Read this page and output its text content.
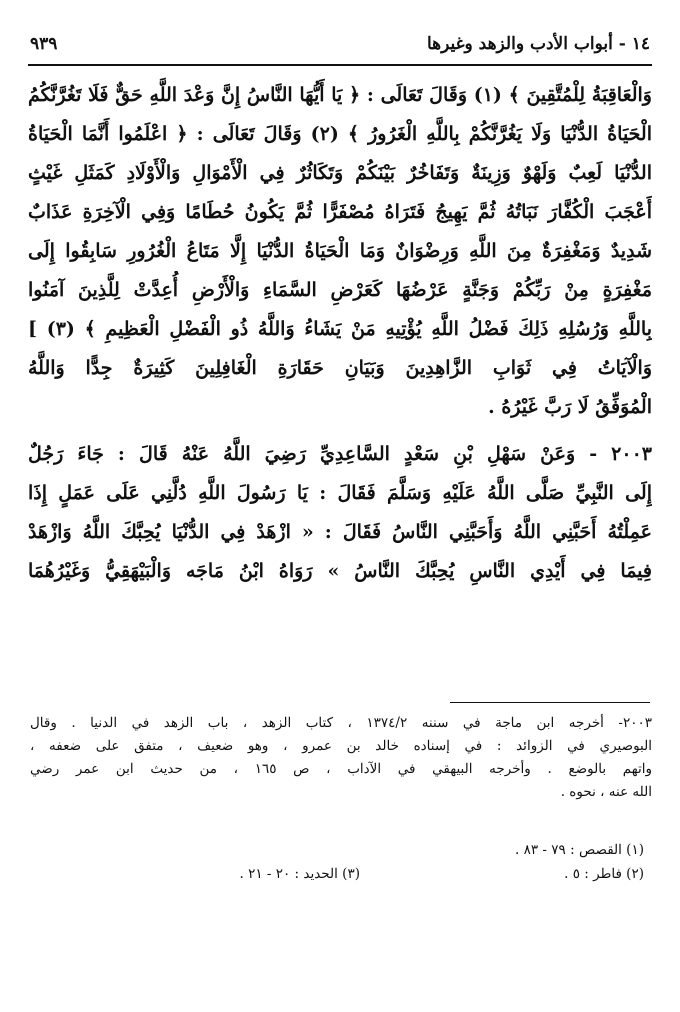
١٤ - أبواب الأدب والزهد وغيرها
٩٣٩
وَالْعَاقِبَةُ لِلْمُتَّقِينَ ﴾ (١) وَقَالَ تَعَالَى : ﴿ يَا أَيُّهَا النَّاسُ إِنَّ وَعْدَ اللَّهِ حَقٌّ فَلَا تَغُرَّنَّكُمُ
الْحَيَاةُ الدُّنْيَا وَلَا يَغُرَّنَّكُمْ بِاللَّهِ الْغَرُورُ ﴾ (٢) وَقَالَ تَعَالَى : ﴿ اعْلَمُوا أَنَّمَا الْحَيَاةُ
الدُّنْيَا لَعِبٌ وَلَهْوٌ وَزِينَةٌ وَتَفَاخُرٌ بَيْنَكُمْ وَتَكَاثُرٌ فِي الْأَمْوَالِ وَالْأَوْلَادِ كَمَثَلِ غَيْثٍ
أَعْجَبَ الْكُفَّارَ نَبَاتُهُ ثُمَّ يَهِيجُ فَتَرَاهُ مُصْفَرًّا ثُمَّ يَكُونُ حُطَامًا وَفِي الْآخِرَةِ عَذَابٌ
شَدِيدٌ وَمَغْفِرَةٌ مِنَ اللَّهِ وَرِضْوَانٌ وَمَا الْحَيَاةُ الدُّنْيَا إِلَّا مَتَاعُ الْغُرُورِ سَابِقُوا إِلَى
مَغْفِرَةٍ مِنْ رَبِّكُمْ وَجَنَّةٍ عَرْضُهَا كَعَرْضِ السَّمَاءِ وَالْأَرْضِ أُعِدَّتْ لِلَّذِينَ آمَنُوا
بِاللَّهِ وَرُسُلِهِ ذَلِكَ فَضْلُ اللَّهِ يُؤْتِيهِ مَنْ يَشَاءُ وَاللَّهُ ذُو الْفَضْلِ الْعَظِيمِ ﴾ (٣) ]
وَالْآيَاتُ فِي ثَوَابِ الزَّاهِدِينَ وَبَيَانِ حَقَارَةِ الْغَافِلِينَ كَثِيرَةٌ جِدًّا وَاللَّهُ
الْمُوَفِّقُ لَا رَبَّ غَيْرُهُ .
٢٠٠٣ - وَعَنْ سَهْلِ بْنِ سَعْدٍ السَّاعِدِيِّ رَضِيَ اللَّهُ عَنْهُ قَالَ : جَاءَ رَجُلٌ
إِلَى النَّبِيِّ صَلَّى اللَّهُ عَلَيْهِ وَسَلَّمَ فَقَالَ : يَا رَسُولَ اللَّهِ دُلَّنِي عَلَى عَمَلٍ إِذَا
عَمِلْتُهُ أَحَبَّنِي اللَّهُ وَأَحَبَّنِي النَّاسُ فَقَالَ : « ازْهَدْ فِي الدُّنْيَا يُحِبَّكَ اللَّهُ وَازْهَدْ
فِيمَا فِي أَيْدِي النَّاسِ يُحِبَّكَ النَّاسُ » رَوَاهُ ابْنُ مَاجَه وَالْبَيْهَقِيُّ وَغَيْرُهُمَا
٢٠٠٣- أخرجه ابن ماجة في سننه ١٣٧٤/٢ ، كتاب الزهد ، باب الزهد في الدنيا . وقال
البوصيري في الزوائد : في إسناده خالد بن عمرو ، وهو ضعيف ، متفق على ضعفه ،
واتهم بالوضع . وأخرجه البيهقي في الآداب ، ص ١٦٥ ، من حديث ابن عمر رضي
الله عنه ، نحوه .
(١) القصص : ٧٩ - ٨٣ .
(٢) فاطر : ٥ .
(٣) الحديد : ٢٠ - ٢١ .
